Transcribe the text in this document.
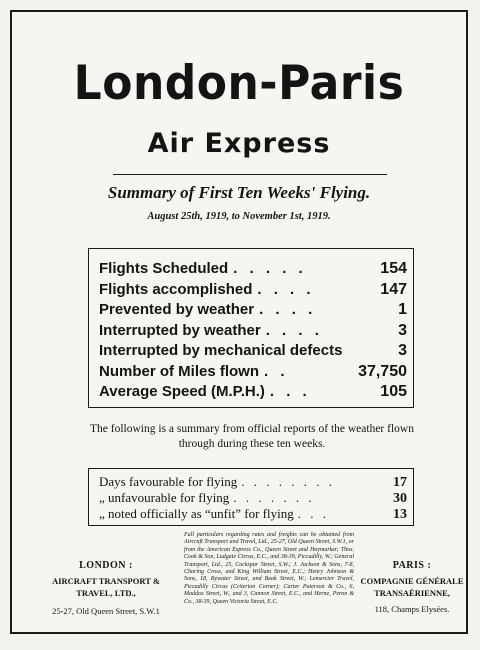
London-Paris
Air Express
Summary of First Ten Weeks' Flying.
August 25th, 1919, to November 1st, 1919.
Flights Scheduled . . . . .	154
Flights accomplished . . . .	147
Prevented by weather . . . .	1
Interrupted by weather . . . .	3
Interrupted by mechanical defects	3
Number of Miles flown . .	37,750
Average Speed (M.P.H.) . . .	105
The following is a summary from official reports of the weather flown through during these ten weeks.
Days favourable for flying . . . . . . . .	17
„ unfavourable for flying . . . . . . .	30
„ noted officially as “unfit” for flying . . .	13
LONDON :
AIRCRAFT TRANSPORT & TRAVEL, LTD.,
25-27, Old Queen Street, S.W.1
Full particulars regarding rates and freights can be obtained from Aircraft Transport and Travel, Ltd., 25-27, Old Queen Street, S.W.1, or from the American Express Co., Queen Street and Haymarket; Thos. Cook & Son, Ludgate Circus, E.C., and 38-39, Piccadilly, W.; General Transport, Ltd., 25, Cockspur Street, S.W.; J. Jackson & Sons, 7-8, Charing Cross, and King William Street, E.C.; Henry Johnson & Sons, 18, Bywater Street, and Beak Street, W.; Lemercier Travel, Piccadilly Circus (Criterion Corner); Carter Paterson & Co., 6, Maddox Street, W., and 3, Cannon Street, E.C., and Herne, Peron & Co., 38-39, Queen Victoria Street, E.C.
PARIS :
COMPAGNIE GÉNÉRALE TRANSAÉRIENNE,
118, Champs Elysées.
